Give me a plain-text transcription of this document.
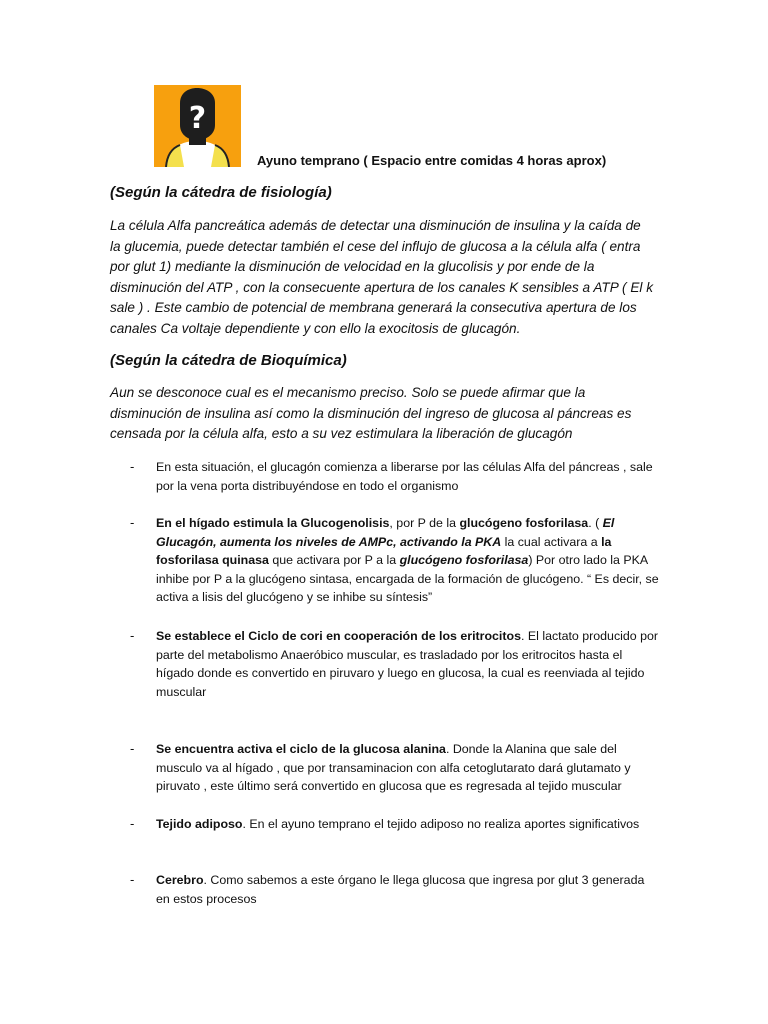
?
Ayuno temprano ( Espacio entre comidas 4 horas aprox)
(Según la cátedra de fisiología)

La célula Alfa pancreática además de detectar una disminución de insulina y la caída de la glucemia, puede detectar también el cese del influjo de glucosa a la célula alfa ( entra por glut 1) mediante la disminución de velocidad en la glucolisis y por ende de la disminución del ATP , con la consecuente apertura de los canales K sensibles a ATP ( El k sale ) . Este cambio de potencial de membrana generará la consecutiva apertura de los canales Ca voltaje dependiente y con ello la exocitosis de glucagón.

(Según la cátedra de Bioquímica)

Aun se desconoce cual es el mecanismo preciso. Solo se puede afirmar que la disminución de insulina así como la disminución del ingreso de glucosa al páncreas es censada por la célula alfa, esto a su vez estimulara la liberación de glucagón

- En esta situación, el glucagón comienza a liberarse por las células Alfa del páncreas , sale por la vena porta distribuyéndose en todo el organismo

- En el hígado estimula la Glucogenolisis, por P de la glucógeno fosforilasa. ( El Glucagón, aumenta los niveles de AMPc, activando la PKA la cual activara a la fosforilasa quinasa que activara por P a la glucógeno fosforilasa) Por otro lado la PKA inhibe por P a la glucógeno sintasa, encargada de la formación de glucógeno. “ Es decir, se activa a lisis del glucógeno y se inhibe su síntesis”

- Se establece el Ciclo de cori en cooperación de los eritrocitos. El lactato producido por parte del metabolismo Anaeróbico muscular, es trasladado por los eritrocitos hasta el hígado donde es convertido en piruvaro y luego en glucosa, la cual es reenviada al tejido muscular

- Se encuentra activa el ciclo de la glucosa alanina. Donde la Alanina que sale del musculo va al hígado , que por transaminacion con alfa cetoglutarato dará glutamato y piruvato , este último será convertido en glucosa que es regresada al tejido muscular

- Tejido adiposo. En el ayuno temprano el tejido adiposo no realiza aportes significativos

- Cerebro. Como sabemos a este órgano le llega glucosa que ingresa por glut 3 generada en estos procesos
